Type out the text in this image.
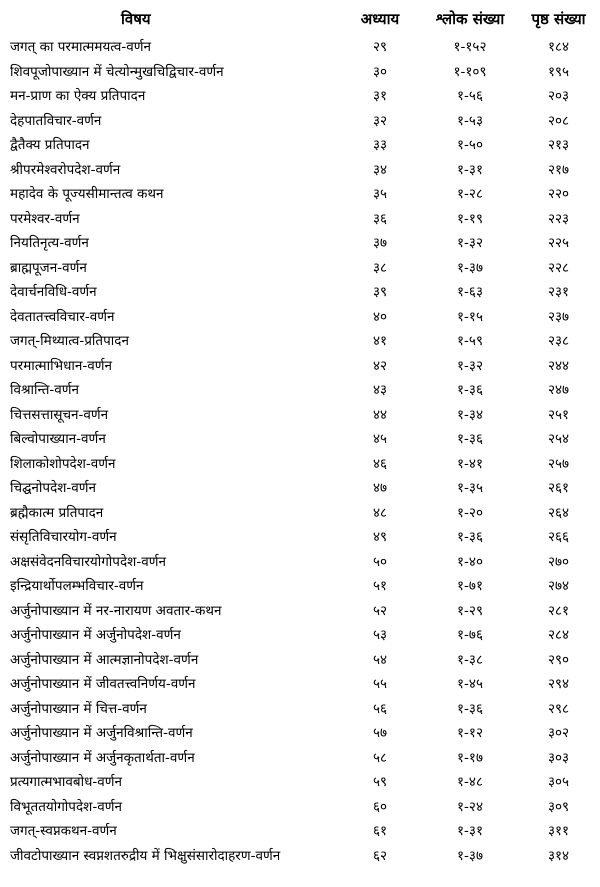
विषय	अध्याय	श्लोक संख्या	पृष्ठ संख्या
जगत् का परमात्ममयत्व-वर्णन	२९	१-१५२	१८४
शिवपूजोपाख्यान में चेत्योन्मुखचिद्विचार-वर्णन	३०	१-१०९	१९५
मन-प्राण का ऐक्य प्रतिपादन	३१	१-५६	२०३
देहपातविचार-वर्णन	३२	१-५३	२०८
द्वैतैक्य प्रतिपादन	३३	१-५०	२१३
श्रीपरमेश्वरोपदेश-वर्णन	३४	१-३१	२१७
महादेव के पूज्यसीमान्तत्व कथन	३५	१-२८	२२०
परमेश्वर-वर्णन	३६	१-१९	२२३
नियतिनृत्य-वर्णन	३७	१-३२	२२५
ब्राह्मपूजन-वर्णन	३८	१-३७	२२८
देवार्चनविधि-वर्णन	३९	१-६३	२३१
देवतातत्त्वविचार-वर्णन	४०	१-१५	२३७
जगत्-मिथ्यात्व-प्रतिपादन	४१	१-५९	२३८
परमात्माभिधान-वर्णन	४२	१-३२	२४४
विश्रान्ति-वर्णन	४३	१-३६	२४७
चित्तसत्तासूचन-वर्णन	४४	१-३४	२५१
बिल्वोपाख्यान-वर्णन	४५	१-३६	२५४
शिलाकोशोपदेश-वर्णन	४६	१-४१	२५७
चिद्घनोपदेश-वर्णन	४७	१-३५	२६१
ब्रह्मैकात्म प्रतिपादन	४८	१-२०	२६४
संसृतिविचारयोग-वर्णन	४९	१-३६	२६६
अक्षसंवेदनविचारयोगोपदेश-वर्णन	५०	१-४०	२७०
इन्द्रियार्थोपलम्भविचार-वर्णन	५१	१-७१	२७४
अर्जुनोपाख्यान में नर-नारायण अवतार-कथन	५२	१-२९	२८१
अर्जुनोपाख्यान में अर्जुनोपदेश-वर्णन	५३	१-७६	२८४
अर्जुनोपाख्यान में आत्मज्ञानोपदेश-वर्णन	५४	१-३८	२९०
अर्जुनोपाख्यान में जीवतत्त्वनिर्णय-वर्णन	५५	१-४५	२९४
अर्जुनोपाख्यान में चित्त-वर्णन	५६	१-३६	२९८
अर्जुनोपाख्यान में अर्जुनविश्रान्ति-वर्णन	५७	१-१२	३०२
अर्जुनोपाख्यान में अर्जुनकृतार्थता-वर्णन	५८	१-१७	३०३
प्रत्यगात्मभावबोध-वर्णन	५९	१-४८	३०५
विभूततयोगोपदेश-वर्णन	६०	१-२४	३०९
जगत्-स्वप्नकथन-वर्णन	६१	१-३१	३११
जीवटोपाख्यान स्वप्नशतरुद्रीय में भिक्षुसंसारोदाहरण-वर्णन	६२	१-३७	३१४
